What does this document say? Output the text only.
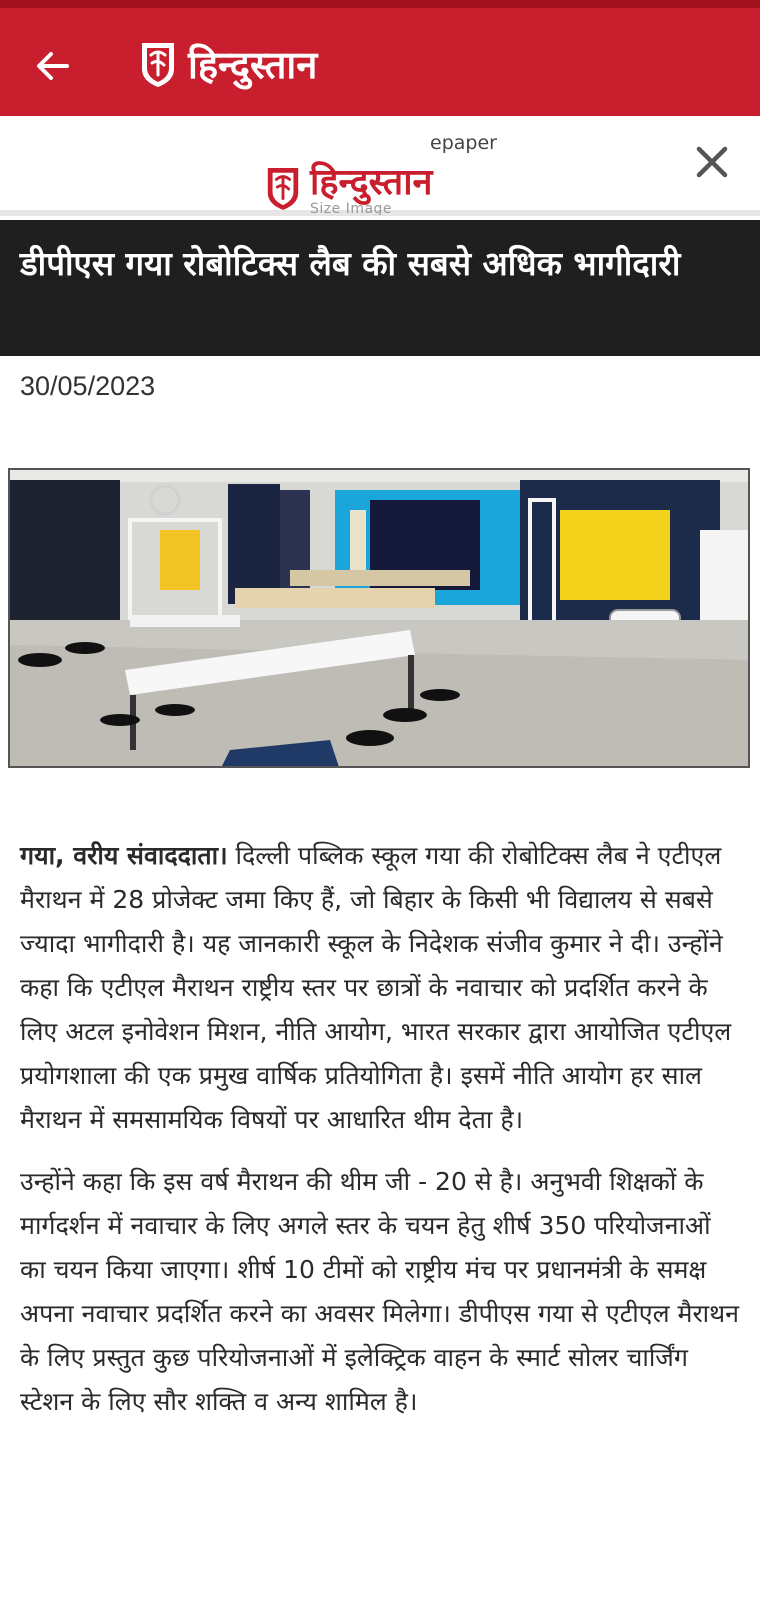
हिन्दुस्तान
epaper
हिन्दुस्तान
Size Image
डीपीएस गया रोबोटिक्स लैब की सबसे अधिक भागीदारी
30/05/2023

गया, वरीय संवाददाता। दिल्ली पब्लिक स्कूल गया की रोबोटिक्स लैब ने एटीएल मैराथन में 28 प्रोजेक्ट जमा किए हैं, जो बिहार के किसी भी विद्यालय से सबसे ज्यादा भागीदारी है। यह जानकारी स्कूल के निदेशक संजीव कुमार ने दी। उन्होंने कहा कि एटीएल मैराथन राष्ट्रीय स्तर पर छात्रों के नवाचार को प्रदर्शित करने के लिए अटल इनोवेशन मिशन, नीति आयोग, भारत सरकार द्वारा आयोजित एटीएल प्रयोगशाला की एक प्रमुख वार्षिक प्रतियोगिता है। इसमें नीति आयोग हर साल मैराथन में समसामयिक विषयों पर आधारित थीम देता है।

उन्होंने कहा कि इस वर्ष मैराथन की थीम जी - 20 से है। अनुभवी शिक्षकों के मार्गदर्शन में नवाचार के लिए अगले स्तर के चयन हेतु शीर्ष 350 परियोजनाओं का चयन किया जाएगा। शीर्ष 10 टीमों को राष्ट्रीय मंच पर प्रधानमंत्री के समक्ष अपना नवाचार प्रदर्शित करने का अवसर मिलेगा। डीपीएस गया से एटीएल मैराथन के लिए प्रस्तुत कुछ परियोजनाओं में इलेक्ट्रिक वाहन के स्मार्ट सोलर चार्जिंग स्टेशन के लिए सौर शक्ति व अन्य शामिल है।
